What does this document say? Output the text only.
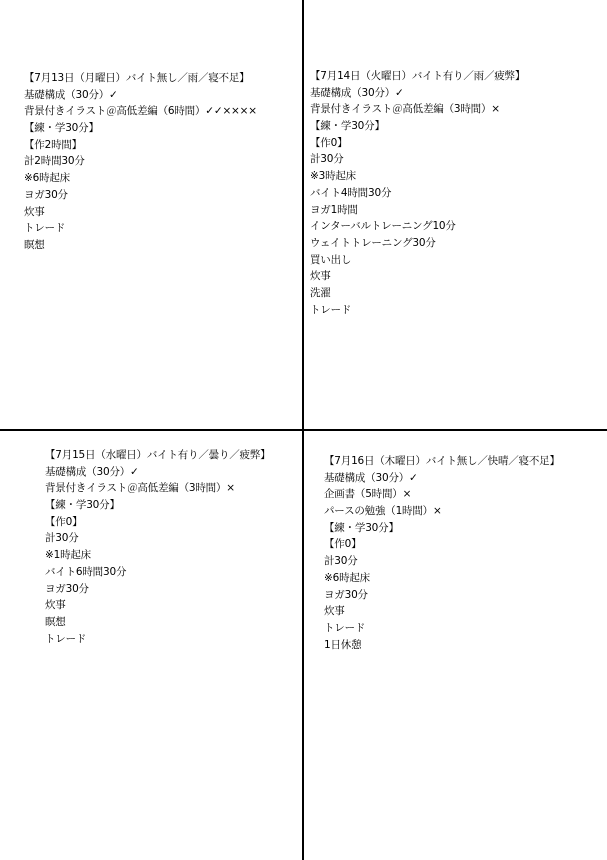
【7月13日（月曜日）バイト無し／雨／寝不足】
基礎構成（30分）✓
背景付きイラスト＠高低差編（6時間）✓✓××××
【練・学30分】
【作2時間】
計2時間30分
※6時起床
ヨガ30分
炊事
トレード
瞑想
【7月14日（火曜日）バイト有り／雨／疲弊】
基礎構成（30分）✓
背景付きイラスト＠高低差編（3時間）×
【練・学30分】
【作0】
計30分
※3時起床
バイト4時間30分
ヨガ1時間
インターバルトレーニング10分
ウェイトトレーニング30分
買い出し
炊事
洗濯
トレード
【7月15日（水曜日）バイト有り／曇り／疲弊】
基礎構成（30分）✓
背景付きイラスト＠高低差編（3時間）×
【練・学30分】
【作0】
計30分
※1時起床
バイト6時間30分
ヨガ30分
炊事
瞑想
トレード
【7月16日（木曜日）バイト無し／快晴／寝不足】
基礎構成（30分）✓
企画書（5時間）×
パースの勉強（1時間）×
【練・学30分】
【作0】
計30分
※6時起床
ヨガ30分
炊事
トレード
1日休憩
